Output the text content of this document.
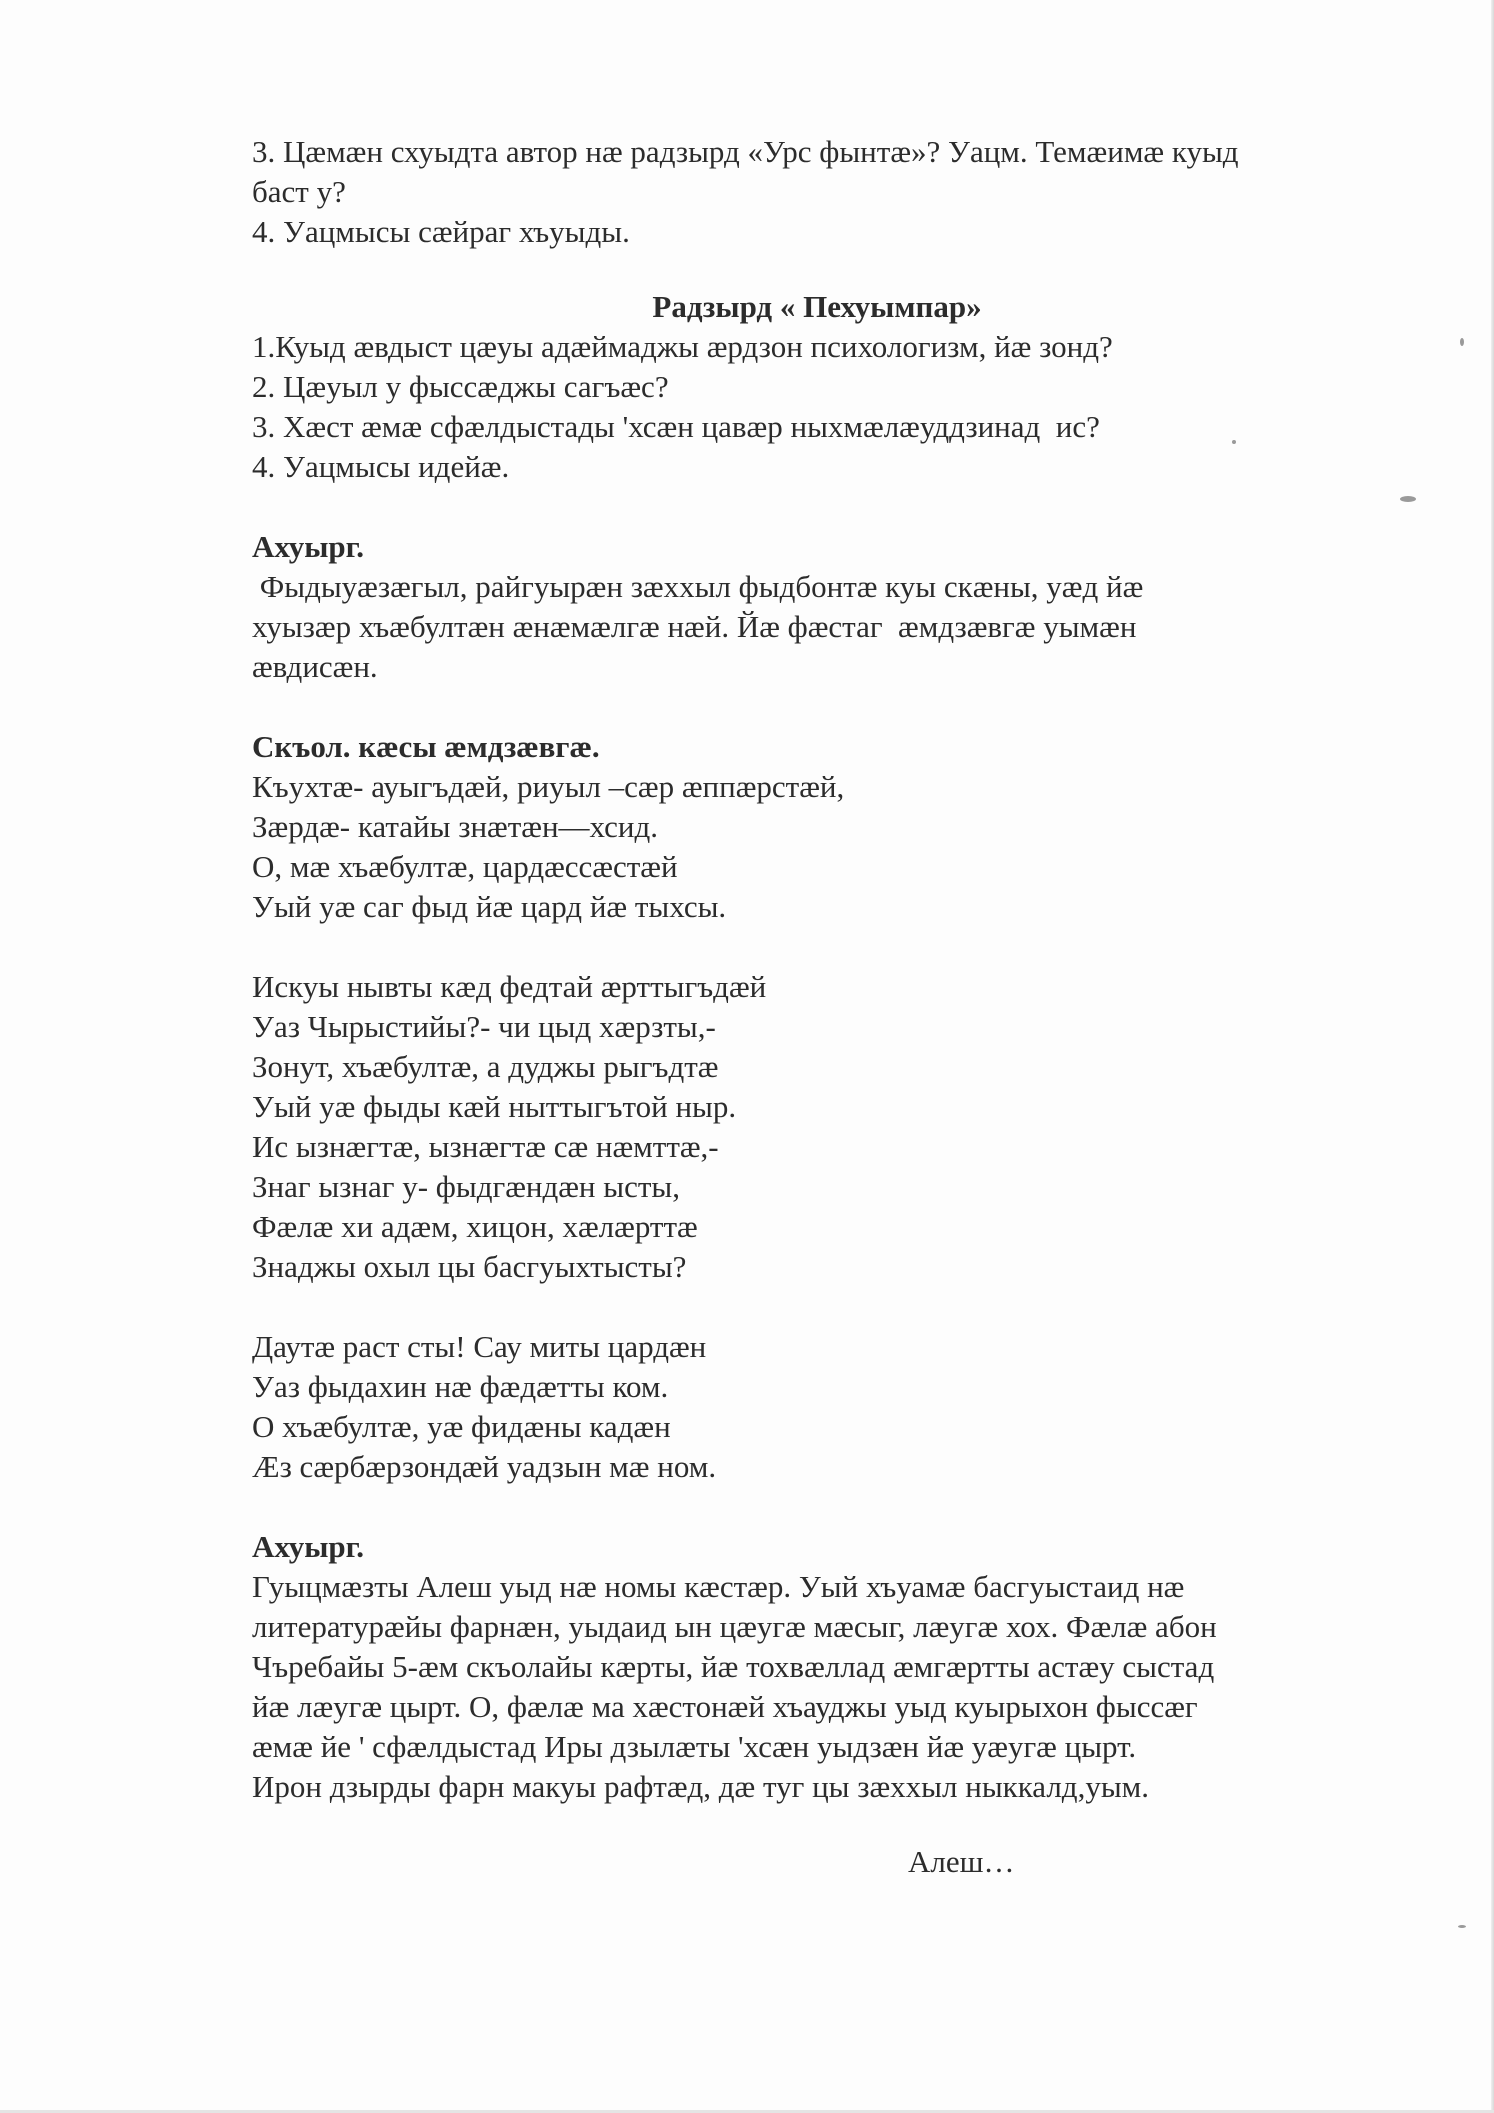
3. Цæмæн схуыдта автор нæ радзырд «Урс фынтæ»? Уацм. Темæимæ куыд
баст у?
4. Уацмысы сæйраг хъуыды.
Радзырд « Пехуымпар»
1.Куыд æвдыст цæуы адæймаджы æрдзон психологизм, йæ зонд?
2. Цæуыл у фыссæджы сагъæс?
3. Хæст æмæ сфæлдыстады 'хсæн цавæр ныхмæлæуддзинад  ис?
4. Уацмысы идейæ.
Ахуырг.
Фыдыуæзæгыл, райгуырæн зæххыл фыдбонтæ куы скæны, уæд йæ
хуызæр хъæбултæн æнæмæлгæ нæй. Йæ фæстаг  æмдзæвгæ уымæн
æвдисæн.
Скъол. кæсы æмдзæвгæ.
Къухтæ- ауыгъдæй, риуыл –сæр æппæрстæй,
Зæрдæ- катайы знæтæн—хсид.
О, мæ хъæбултæ, цардæссæстæй
Уый уæ саг фыд йæ цард йæ тыхсы.
Искуы нывты кæд федтай æрттыгъдæй
Уаз Чырыстийы?- чи цыд хæрзты,-
Зонут, хъæбултæ, а дуджы рыгъдтæ
Уый уæ фыды кæй ныттыгътой ныр.
Ис ызнæгтæ, ызнæгтæ сæ нæмттæ,-
Знаг ызнаг у- фыдгæндæн ысты,
Фæлæ хи адæм, хицон, хæлæрттæ
Знаджы охыл цы басгуыхтысты?
Даутæ раст сты! Сау миты цардæн
Уаз фыдахин нæ фæдæтты ком.
О хъæбултæ, уæ фидæны кадæн
Æз сæрбæрзондæй уадзын мæ ном.
Ахуырг.
Гуыцмæзты Алеш уыд нæ номы кæстæр. Уый хъуамæ басгуыстаид нæ
литературæйы фарнæн, уыдаид ын цæугæ мæсыг, лæугæ хох. Фæлæ абон
Чъребайы 5-æм скъолайы кæрты, йæ тохвæллад æмгæртты астæу сыстад
йæ лæугæ цырт. О, фæлæ ма хæстонæй хъауджы уыд куырыхон фыссæг
æмæ йе ' сфæлдыстад Иры дзылæты 'хсæн уыдзæн йæ уæугæ цырт.
Ирон дзырды фарн макуы рафтæд, дæ туг цы зæххыл ныккалд,уым.
Алеш…
